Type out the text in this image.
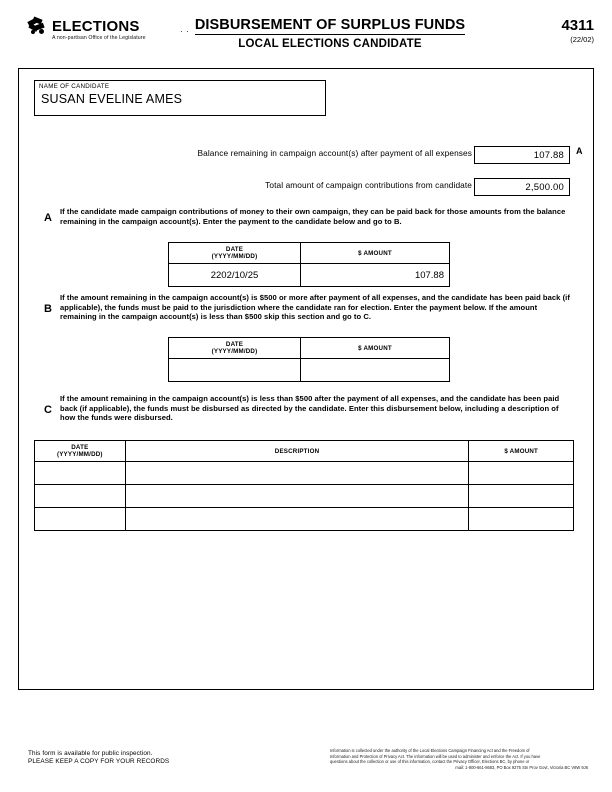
ELECTIONS
A non-partisan Office of the Legislature
·· DISBURSEMENT OF SURPLUS FUNDS
LOCAL ELECTIONS CANDIDATE
4311
(22/02)
NAME OF CANDIDATE
SUSAN EVELINE AMES
Balance remaining in campaign account(s) after payment of all expenses	107.88 A
Total amount of campaign contributions from candidate	2,500.00
A
If the candidate made campaign contributions of money to their own campaign, they can be paid back for those amounts from the balance remaining in the campaign account(s). Enter the payment to the candidate below and go to B.
DATE
(YYYY/MM/DD)	$ AMOUNT
2202/10/25	107.88
B
If the amount remaining in the campaign account(s) is $500 or more after payment of all expenses, and the candidate has been paid back (if applicable), the funds must be paid to the jurisdiction where the candidate ran for election. Enter the payment below. If the amount remaining in the campaign account(s) is less than $500 skip this section and go to C.
DATE
(YYYY/MM/DD)	$ AMOUNT
C
If the amount remaining in the campaign account(s) is less than $500 after the payment of all expenses, and the candidate has been paid back (if applicable), the funds must be disbursed as directed by the candidate. Enter this disbursement below, including a description of how the funds were disbursed.
DATE
(YYYY/MM/DD)	DESCRIPTION	$ AMOUNT
This form is available for public inspection.
PLEASE KEEP A COPY FOR YOUR RECORDS
Information is collected under the authority of the Local Elections Campaign Financing Act and the Freedom of
Information and Protection of Privacy Act. The information will be used to administer and enforce the Act. If you have
questions about the collection or use of this information, contact the Privacy Officer, Elections BC, by phone or
mail: 1-800-661-8683, PO Box 9275 Stn Prov Govt, Victoria BC V8W 9J6
